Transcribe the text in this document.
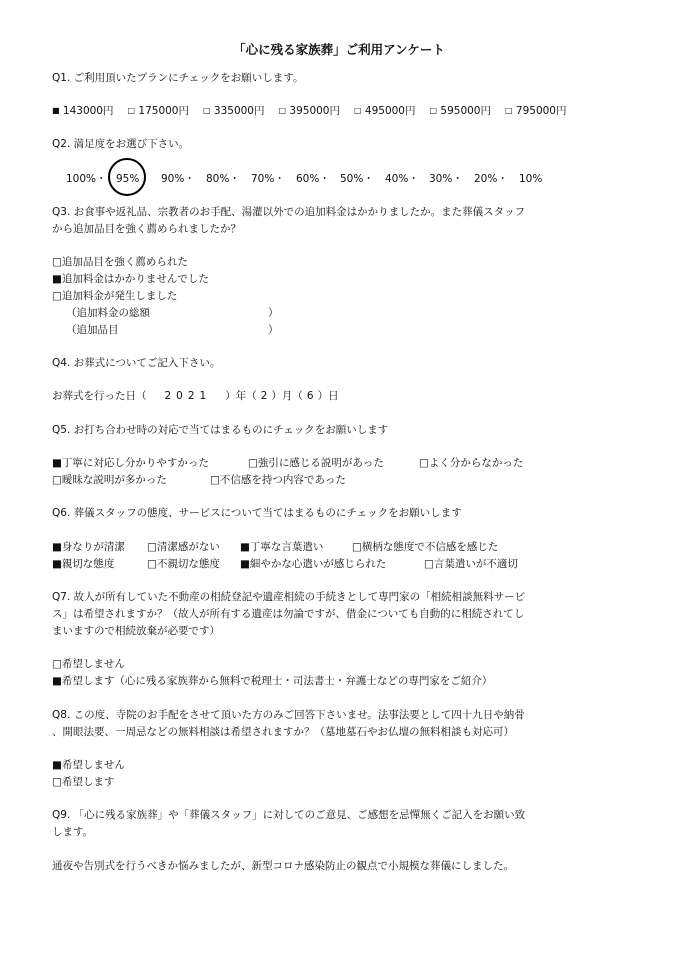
「心に残る家族葬」ご利用アンケート
Q1. ご利用頂いたプランにチェックをお願いします。
■ 143000円 □ 175000円 □ 335000円 □ 395000円 □ 495000円 □ 595000円 □ 795000円
Q2. 満足度をお選び下さい。
100%・ 95% 90%・ 80%・ 70%・ 60%・ 50%・ 40%・ 30%・ 20%・ 10%
Q3. お食事や返礼品、宗教者のお手配、湯灌以外での追加料金はかかりましたか。また葬儀スタッフ
から追加品目を強く薦められましたか？
□追加品目を強く薦められた
■追加料金はかかりませんでした
□追加料金が発生しました
（追加料金の総額	）
（追加品目	）
Q4. お葬式についてご記入下さい。
お葬式を行った日（ 2021 ）年（ 2 ）月（ 6 ）日
Q5. お打ち合わせ時の対応で当てはまるものにチェックをお願いします
■丁寧に対応し分かりやすかった	□強引に感じる説明があった	□よく分からなかった
□曖昧な説明が多かった	□不信感を持つ内容であった
Q6. 葬儀スタッフの態度、サービスについて当てはまるものにチェックをお願いします
■身なりが清潔 □清潔感がない ■丁寧な言葉遣い	□横柄な態度で不信感を感じた
■親切な態度	□不親切な態度 ■細やかな心遣いが感じられた	□言葉遣いが不適切
Q7. 故人が所有していた不動産の相続登記や遺産相続の手続きとして専門家の「相続相談無料サービ
ス」は希望されますか？（故人が所有する遺産は勿論ですが、借金についても自動的に相続されてし
まいますので相続放棄が必要です）
□希望しません
■希望します（心に残る家族葬から無料で税理士・司法書士・弁護士などの専門家をご紹介）
Q8. この度、寺院のお手配をさせて頂いた方のみご回答下さいませ。法事法要として四十九日や納骨
、開眼法要、一周忌などの無料相談は希望されますか？（墓地墓石やお仏壇の無料相談も対応可）
■希望しません
□希望します
Q9. 「心に残る家族葬」や「葬儀スタッフ」に対してのご意見、ご感想を忌憚無くご記入をお願い致
します。
通夜や告別式を行うべきか悩みましたが、新型コロナ感染防止の観点で小規模な葬儀にしました。
